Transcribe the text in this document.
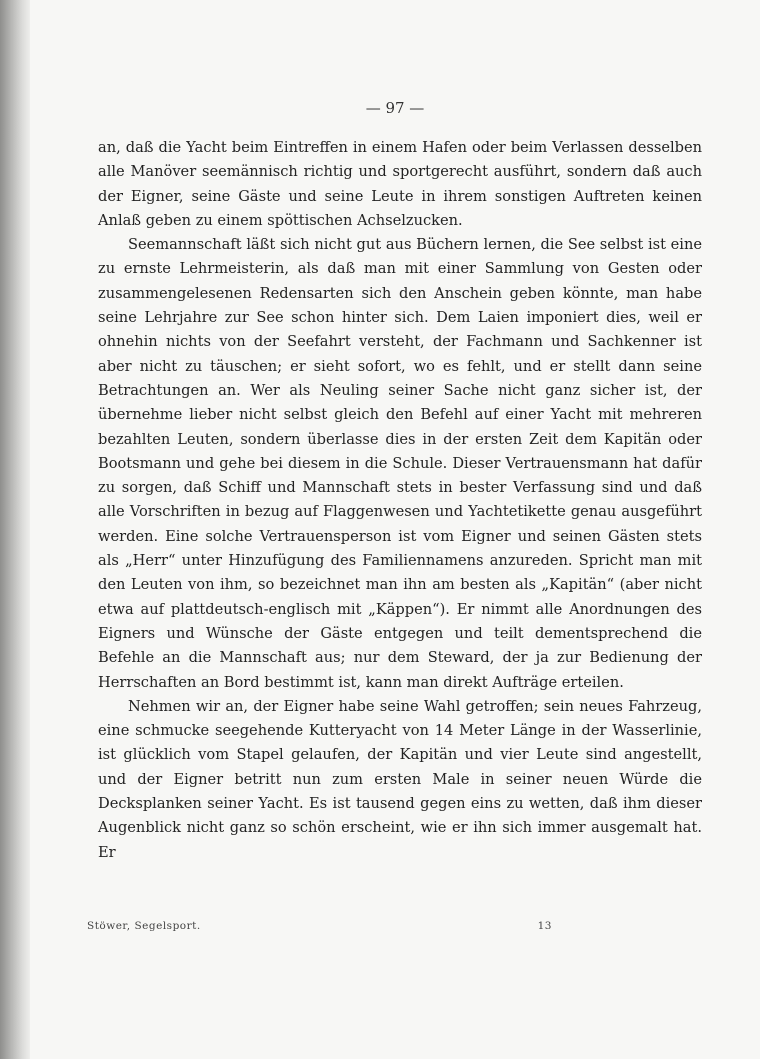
— 97 —

an, daß die Yacht beim Eintreffen in einem Hafen oder beim Verlassen desselben alle Manöver seemännisch richtig und sportgerecht ausführt, sondern daß auch der Eigner, seine Gäste und seine Leute in ihrem sonstigen Auftreten keinen Anlaß geben zu einem spöttischen Achselzucken.

Seemannschaft läßt sich nicht gut aus Büchern lernen, die See selbst ist eine zu ernste Lehrmeisterin, als daß man mit einer Sammlung von Gesten oder zusammengelesenen Redensarten sich den Anschein geben könnte, man habe seine Lehrjahre zur See schon hinter sich. Dem Laien imponiert dies, weil er ohnehin nichts von der Seefahrt versteht, der Fachmann und Sachkenner ist aber nicht zu täuschen; er sieht sofort, wo es fehlt, und er stellt dann seine Betrachtungen an. Wer als Neuling seiner Sache nicht ganz sicher ist, der übernehme lieber nicht selbst gleich den Befehl auf einer Yacht mit mehreren bezahlten Leuten, sondern überlasse dies in der ersten Zeit dem Kapitän oder Bootsmann und gehe bei diesem in die Schule. Dieser Vertrauensmann hat dafür zu sorgen, daß Schiff und Mannschaft stets in bester Verfassung sind und daß alle Vorschriften in bezug auf Flaggenwesen und Yachtetikette genau ausgeführt werden. Eine solche Vertrauensperson ist vom Eigner und seinen Gästen stets als „Herr“ unter Hinzufügung des Familiennamens anzureden. Spricht man mit den Leuten von ihm, so bezeichnet man ihn am besten als „Kapitän“ (aber nicht etwa auf plattdeutsch-englisch mit „Käppen“). Er nimmt alle Anordnungen des Eigners und Wünsche der Gäste entgegen und teilt dementsprechend die Befehle an die Mannschaft aus; nur dem Steward, der ja zur Bedienung der Herrschaften an Bord bestimmt ist, kann man direkt Aufträge erteilen.

Nehmen wir an, der Eigner habe seine Wahl getroffen; sein neues Fahrzeug, eine schmucke seegehende Kutteryacht von 14 Meter Länge in der Wasserlinie, ist glücklich vom Stapel gelaufen, der Kapitän und vier Leute sind angestellt, und der Eigner betritt nun zum ersten Male in seiner neuen Würde die Decksplanken seiner Yacht. Es ist tausend gegen eins zu wetten, daß ihm dieser Augenblick nicht ganz so schön erscheint, wie er ihn sich immer ausgemalt hat. Er

Stöwer, Segelsport.	13
